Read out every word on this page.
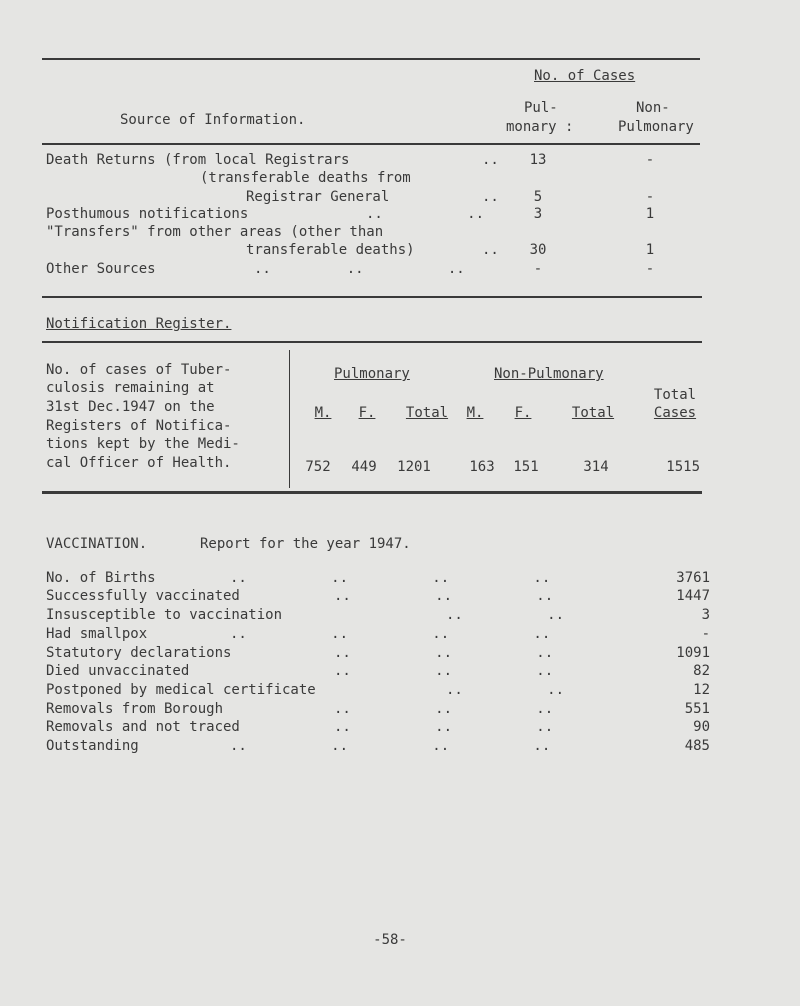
No. of Cases
Source of Information.
Pul-
monary :
Non-
Pulmonary
Death Returns (from local Registrars	..	13	-
(transferable deaths from
Registrar General	..	5	-
Posthumous notifications	..          ..	3	1
"Transfers" from other areas (other than
transferable deaths)	..	30	1
Other Sources	..         ..          ..	-	-
Notification Register.
No. of cases of Tuber-
culosis remaining at
31st Dec.1947 on the
Registers of Notifica-
tions kept by the Medi-
cal Officer of Health.
Pulmonary	Non-Pulmonary
Total
Cases
M.	F.	Total	M.	F.	Total
752	449	1201	163	151	314	1515
VACCINATION.	Report for the year 1947.
No. of Births	..          ..          ..          ..	3761
Successfully vaccinated	..          ..          ..	1447
Insusceptible to vaccination	..          ..	3
Had smallpox	..          ..          ..          ..	-
Statutory declarations	..          ..          ..	1091
Died unvaccinated	..          ..          ..	82
Postponed by medical certificate	..          ..	12
Removals from Borough	..          ..          ..	551
Removals and not traced	..          ..          ..	90
Outstanding	..          ..          ..          ..	485
-58-
